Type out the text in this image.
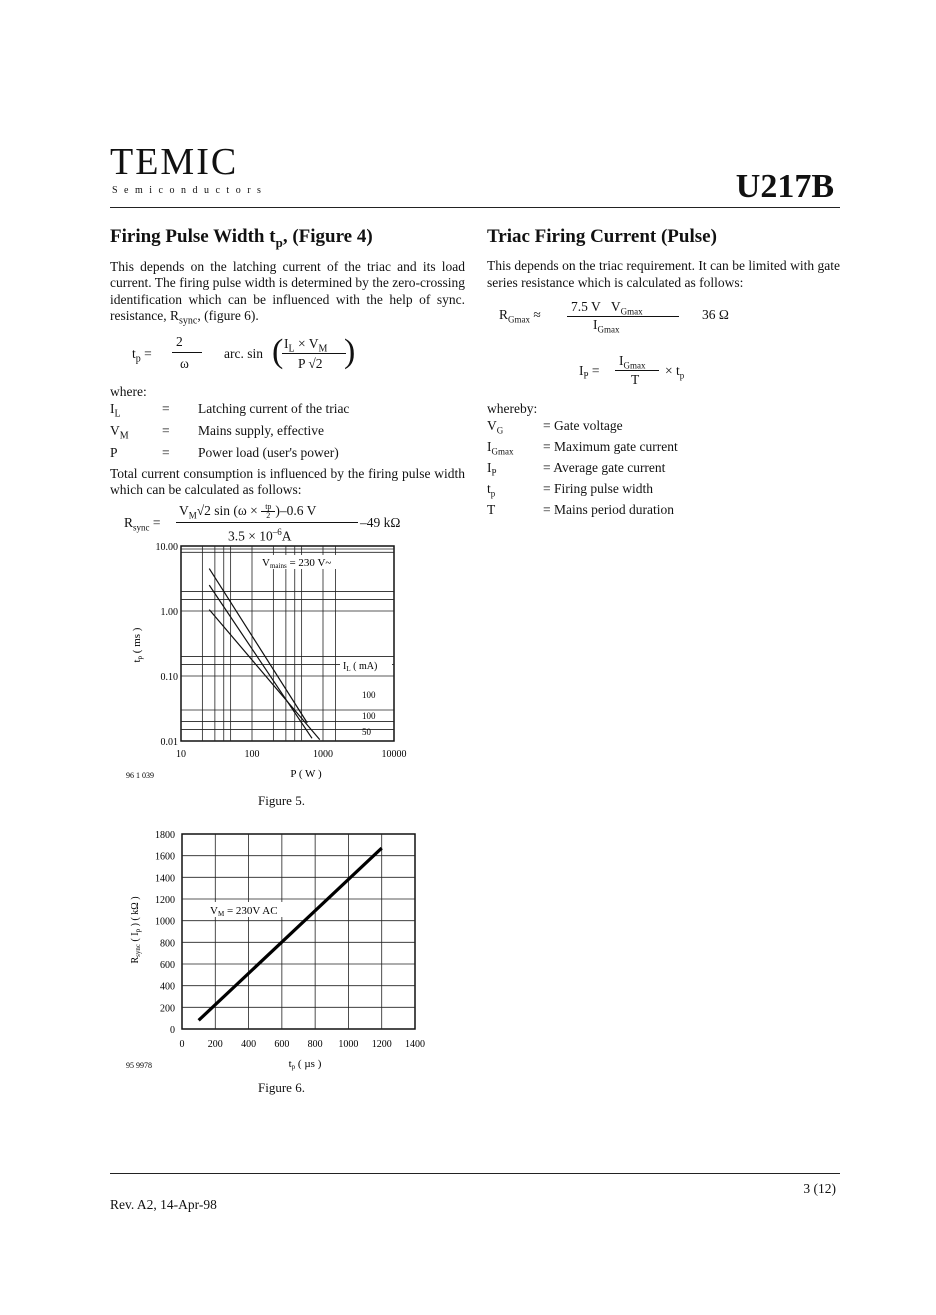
TEMIC
Semiconductors	U217B
Firing Pulse Width $t_p$, (Figure 4)
This depends on the latching current of the triac and its load current. The firing pulse width is determined by the zero-crossing identification which can be influenced with the help of sync. resistance, $R_{sync}$, (figure 6).
$t_p$ =
2
ω
arc. sin ( $I_L \times V_M$
P √2 )
where:
$I_L$	=	Latching current of the triac
$V_M$	=	Mains supply, effective
P	=	Power load (user's power)
Total current consumption is influenced by the firing pulse width which can be calculated as follows:
$R_{sync}$ =
$V_M√2$ $\sin (\omega \times \frac{tp}{2} )-0.6$ V
$3.5 \times 10^{-6}A$
–49 kΩ
Triac Firing Current (Pulse)
This depends on the triac requirement. It can be limited with gate series resistance which is calculated as follows:
$R_{Gmax}$ ≈
7.5 V $V_{Gmax}$
$I_{Gmax}$
36 Ω
$I_P$ =
$I_{Gmax}$
T
× $t_p$
whereby:
$V_G$	= Gate voltage
$I_{Gmax}$	= Maximum gate current
$I_P$	= Average gate current
$t_p$	= Firing pulse width
T	= Mains period duration
10.00
1.00
0.10
0.01
10	100	1000	10000
Vmains = 230 V~
$I_L$ ( mA)
100
100
50
tp ( ms )
P ( W )
96 1 039
Figure 5.
0
200
400
600
800
1000
1200
1400
1600
1800
0 200 400 600 800 1000 1200 1400
VM = 230V AC
$R_{sync}$ ( $I_p$ ) ( kΩ )
tp ( µs )
95 9978
Figure 6.
3 (12)
Rev. A2, 14-Apr-98
